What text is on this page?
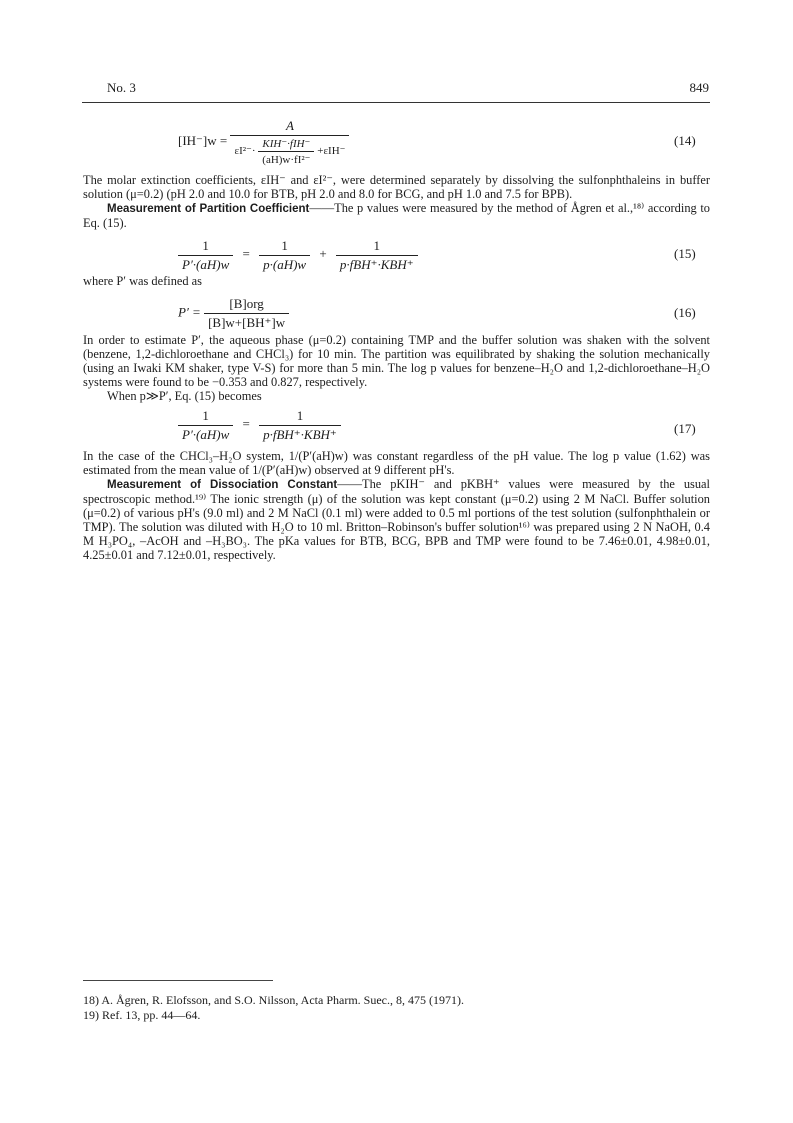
No. 3	849
[IH⁻]w =
A
$\varepsilon I^{2-}\cdot \frac{\text{KIH⁻·fIH⁻}}{\text{(aH)w·fI²⁻}} +\varepsilon IH^-$
(14)

The molar extinction coefficients, εIH⁻ and εI²⁻, were determined separately by dissolving the sulfonphthaleins in buffer solution (μ=0.2) (pH 2.0 and 10.0 for BTB, pH 2.0 and 8.0 for BCG, and pH 1.0 and 7.5 for BPB).

Measurement of Partition Coefficient——The p values were measured by the method of Ågren et al.,¹⁸⁾ according to Eq. (15).

$\frac{1}{P'\cdot(aH)w} = \frac{1}{p\cdot(aH)w} + \frac{1}{\text{p·fBH⁺·KBH⁺}}$	(15)

where P′ was defined as

$P' = \frac{\text{[B]org}}{[B]w+[BH^+]w}$	(16)

In order to estimate P′, the aqueous phase (μ=0.2) containing TMP and the buffer solution was shaken with the solvent (benzene, 1,2-dichloroethane and CHCl₃) for 10 min. The partition was equilibrated by shaking the solution mechanically (using an Iwaki KM shaker, type V-S) for more than 5 min. The log p values for benzene–H₂O and 1,2-dichloroethane–H₂O systems were found to be −0.353 and 0.827, respectively.

When p≫P′, Eq. (15) becomes

$\frac{1}{P'\cdot(aH)w} = \frac{1}{\text{p·fBH⁺·KBH⁺}}$	(17)

In the case of the CHCl₃–H₂O system, 1/(P′(aH)w) was constant regardless of the pH value. The log p value (1.62) was estimated from the mean value of 1/(P′(aH)w) observed at 9 different pH's.

Measurement of Dissociation Constant——The pKIH⁻ and pKBH⁺ values were measured by the usual spectroscopic method.¹⁹⁾ The ionic strength (μ) of the solution was kept constant (μ=0.2) using 2 M NaCl. Buffer solution (μ=0.2) of various pH's (9.0 ml) and 2 M NaCl (0.1 ml) were added to 0.5 ml portions of the test solution (sulfonphthalein or TMP). The solution was diluted with H₂O to 10 ml. Britton–Robinson's buffer solution¹⁶⁾ was prepared using 2 N NaOH, 0.4 M H₃PO₄, –AcOH and –H₃BO₃. The pKa values for BTB, BCG, BPB and TMP were found to be 7.46±0.01, 4.98±0.01, 4.25±0.01 and 7.12±0.01, respectively.

18) A. Ågren, R. Elofsson, and S.O. Nilsson, Acta Pharm. Suec., 8, 475 (1971).
19) Ref. 13, pp. 44—64.
